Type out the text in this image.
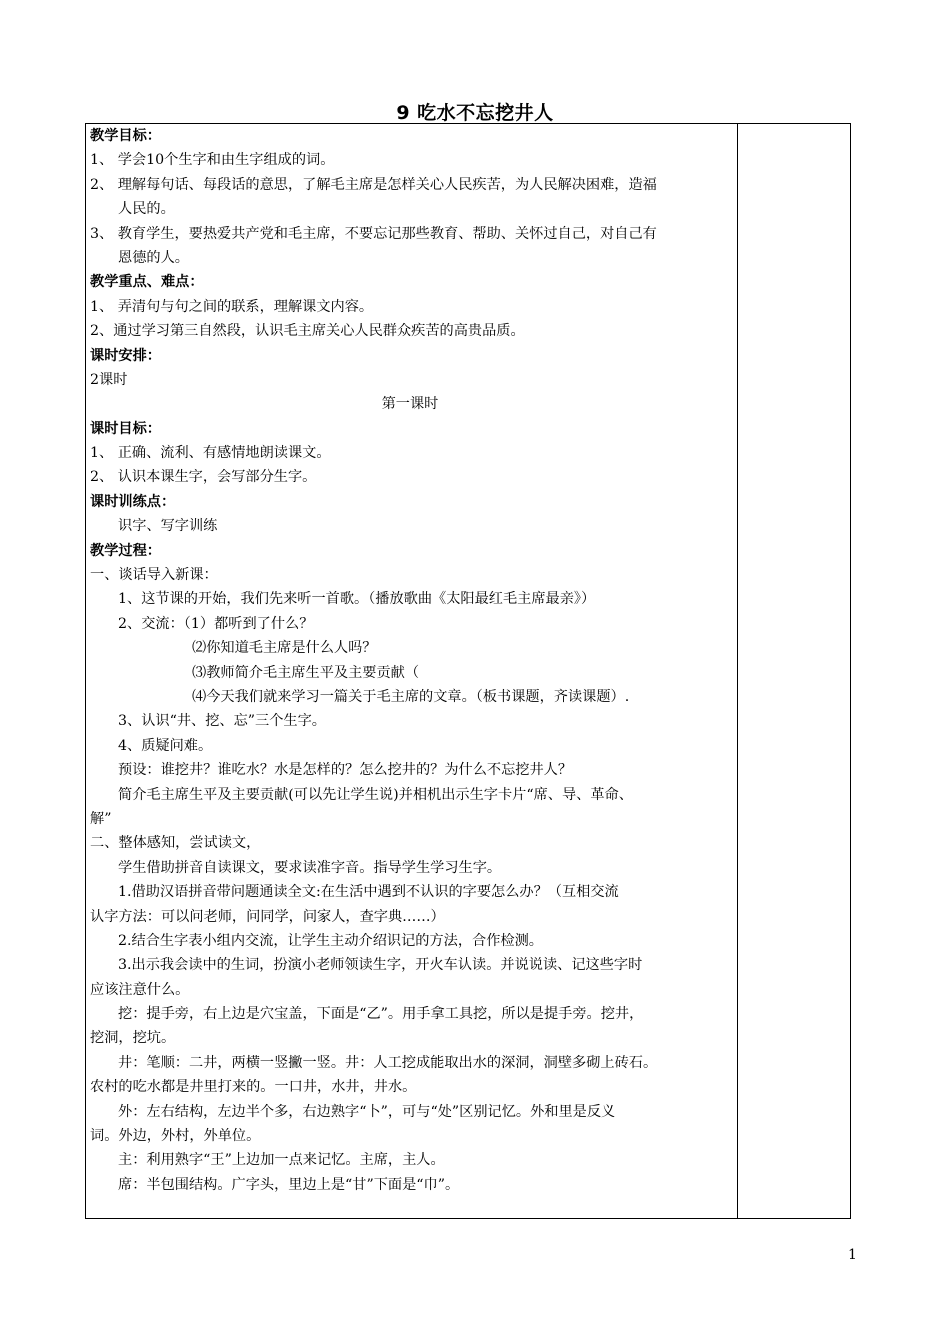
9 吃水不忘挖井人
教学目标：
1、 学会10个生字和由生字组成的词。
2、 理解每句话、每段话的意思，了解毛主席是怎样关心人民疾苦，为人民解决困难，造福
人民的。
3、 教育学生，要热爱共产党和毛主席，不要忘记那些教育、帮助、关怀过自己，对自己有
恩德的人。
教学重点、难点：
1、 弄清句与句之间的联系，理解课文内容。
2、通过学习第三自然段，认识毛主席关心人民群众疾苦的高贵品质。
课时安排：
2课时
第一课时
课时目标：
1、 正确、流利、有感情地朗读课文。
2、 认识本课生字，会写部分生字。
课时训练点：
识字、写字训练
教学过程：
一、谈话导入新课：
1、这节课的开始，我们先来听一首歌。（播放歌曲《太阳最红毛主席最亲》）
2、交流：（1）都听到了什么？
⑵你知道毛主席是什么人吗？
⑶教师简介毛主席生平及主要贡献（
⑷今天我们就来学习一篇关于毛主席的文章。（板书课题，齐读课题）.
3、认识“井、挖、忘”三个生字。
4、质疑问难。
预设：谁挖井？谁吃水？水是怎样的？怎么挖井的？为什么不忘挖井人？
简介毛主席生平及主要贡献(可以先让学生说)并相机出示生字卡片“席、导、革命、
解”
二、整体感知，尝试读文，
学生借助拼音自读课文，要求读准字音。指导学生学习生字。
1.借助汉语拼音带问题通读全文:在生活中遇到不认识的字要怎么办？（互相交流
认字方法：可以问老师，问同学，问家人，查字典……）
2.结合生字表小组内交流，让学生主动介绍识记的方法，合作检测。
3.出示我会读中的生词，扮演小老师领读生字，开火车认读。并说说读、记这些字时
应该注意什么。
挖：提手旁，右上边是穴宝盖，下面是“乙”。用手拿工具挖，所以是提手旁。挖井，
挖洞，挖坑。
井：笔顺：二井，两横一竖撇一竖。井：人工挖成能取出水的深洞，洞壁多砌上砖石。
农村的吃水都是井里打来的。一口井，水井，井水。
外：左右结构，左边半个多，右边熟字“卜”，可与“处”区别记忆。外和里是反义
词。外边，外村，外单位。
主：利用熟字“王”上边加一点来记忆。主席，主人。
席：半包围结构。广字头，里边上是“甘”下面是“巾”。
1
